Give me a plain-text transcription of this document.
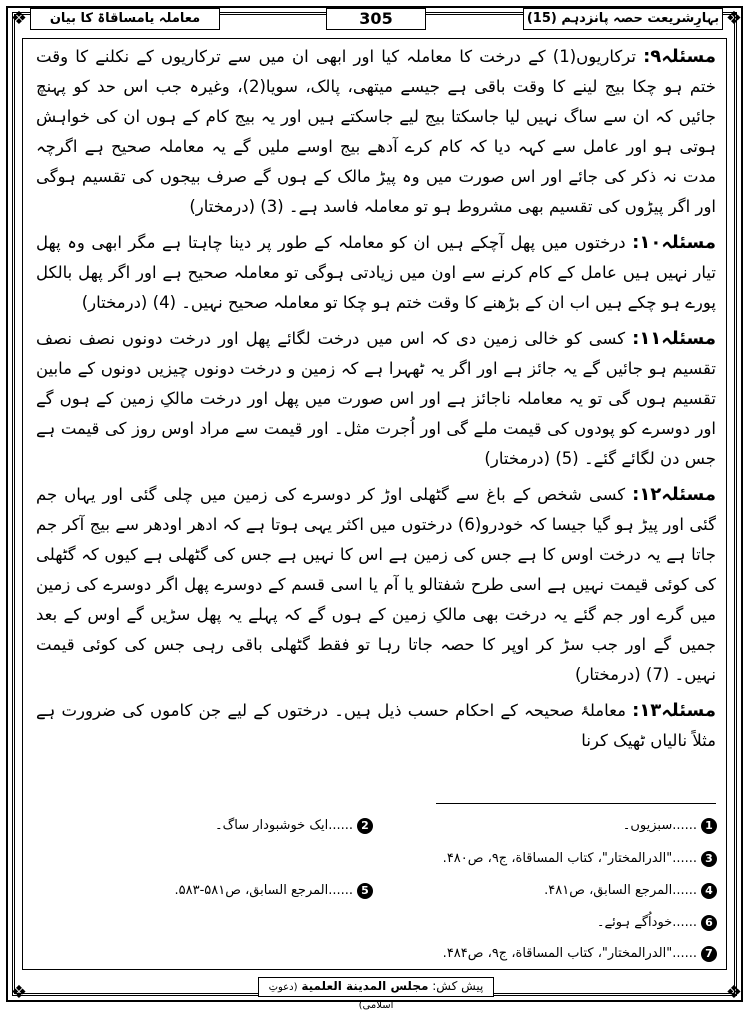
❖	❖
❖	❖
بہارِشریعت حصہ پانزدہم (15)
305
معاملہ یامساقاۃ کا بیان

مسئلہ۹: ترکاریوں(1) کے درخت کا معاملہ کیا اور ابھی ان میں سے ترکاریوں کے نکلنے کا وقت ختم ہو چکا بیج لینے کا وقت باقی ہے جیسے میتھی، پالک، سویا(2)، وغیرہ جب اس حد کو پہنچ جائیں کہ ان سے ساگ نہیں لیا جاسکتا بیج لیے جاسکتے ہیں اور یہ بیج کام کے ہوں ان کی خواہش ہوتی ہو اور عامل سے کہہ دیا کہ کام کرے آدھے بیج اوسے ملیں گے یہ معاملہ صحیح ہے اگرچہ مدت نہ ذکر کی جائے اور اس صورت میں وہ پیڑ مالک کے ہوں گے صرف بیجوں کی تقسیم ہوگی اور اگر پیڑوں کی تقسیم بھی مشروط ہو تو معاملہ فاسد ہے۔ (3) (درمختار)

مسئلہ۱۰: درختوں میں پھل آچکے ہیں ان کو معاملہ کے طور پر دینا چاہتا ہے مگر ابھی وہ پھل تیار نہیں ہیں عامل کے کام کرنے سے اون میں زیادتی ہوگی تو معاملہ صحیح ہے اور اگر پھل بالکل پورے ہو چکے ہیں اب ان کے بڑھنے کا وقت ختم ہو چکا تو معاملہ صحیح نہیں۔ (4) (درمختار)

مسئلہ۱۱: کسی کو خالی زمین دی کہ اس میں درخت لگائے پھل اور درخت دونوں نصف نصف تقسیم ہو جائیں گے یہ جائز ہے اور اگر یہ ٹھہرا ہے کہ زمین و درخت دونوں چیزیں دونوں کے مابین تقسیم ہوں گی تو یہ معاملہ ناجائز ہے اور اس صورت میں پھل اور درخت مالکِ زمین کے ہوں گے اور دوسرے کو پودوں کی قیمت ملے گی اور اُجرت مثل۔ اور قیمت سے مراد اوس روز کی قیمت ہے جس دن لگائے گئے۔ (5) (درمختار)

مسئلہ۱۲: کسی شخص کے باغ سے گٹھلی اوڑ کر دوسرے کی زمین میں چلی گئی اور یہاں جم گئی اور پیڑ ہو گیا جیسا کہ خودرو(6) درختوں میں اکثر یہی ہوتا ہے کہ ادھر اودھر سے بیج آکر جم جاتا ہے یہ درخت اوس کا ہے جس کی زمین ہے اس کا نہیں ہے جس کی گٹھلی ہے کیوں کہ گٹھلی کی کوئی قیمت نہیں ہے اسی طرح شفتالو یا آم یا اسی قسم کے دوسرے پھل اگر دوسرے کی زمین میں گرے اور جم گئے یہ درخت بھی مالکِ زمین کے ہوں گے کہ پہلے یہ پھل سڑیں گے اوس کے بعد جمیں گے اور جب سڑ کر اوپر کا حصہ جاتا رہا تو فقط گٹھلی باقی رہی جس کی کوئی قیمت نہیں۔ (7) (درمختار)

مسئلہ۱۳: معاملۂ صحیحہ کے احکام حسب ذیل ہیں۔ درختوں کے لیے جن کاموں کی ضرورت ہے مثلاً نالیاں ٹھیک کرنا

1......سبزیوں۔
2......ایک خوشبودار ساگ۔
3......"الدرالمختار"، كتاب المساقاة، ج۹، ص۴۸۰.
4......المرجع السابق، ص۴۸۱.
5......المرجع السابق، ص۵۸۱-۵۸۳.
6......خوداُگے ہوئے۔
7......"الدرالمختار"، كتاب المساقاة، ج۹، ص۴۸۴.
پیش کش: مجلس المدينة العلمية (دعوتِ اسلامی)
